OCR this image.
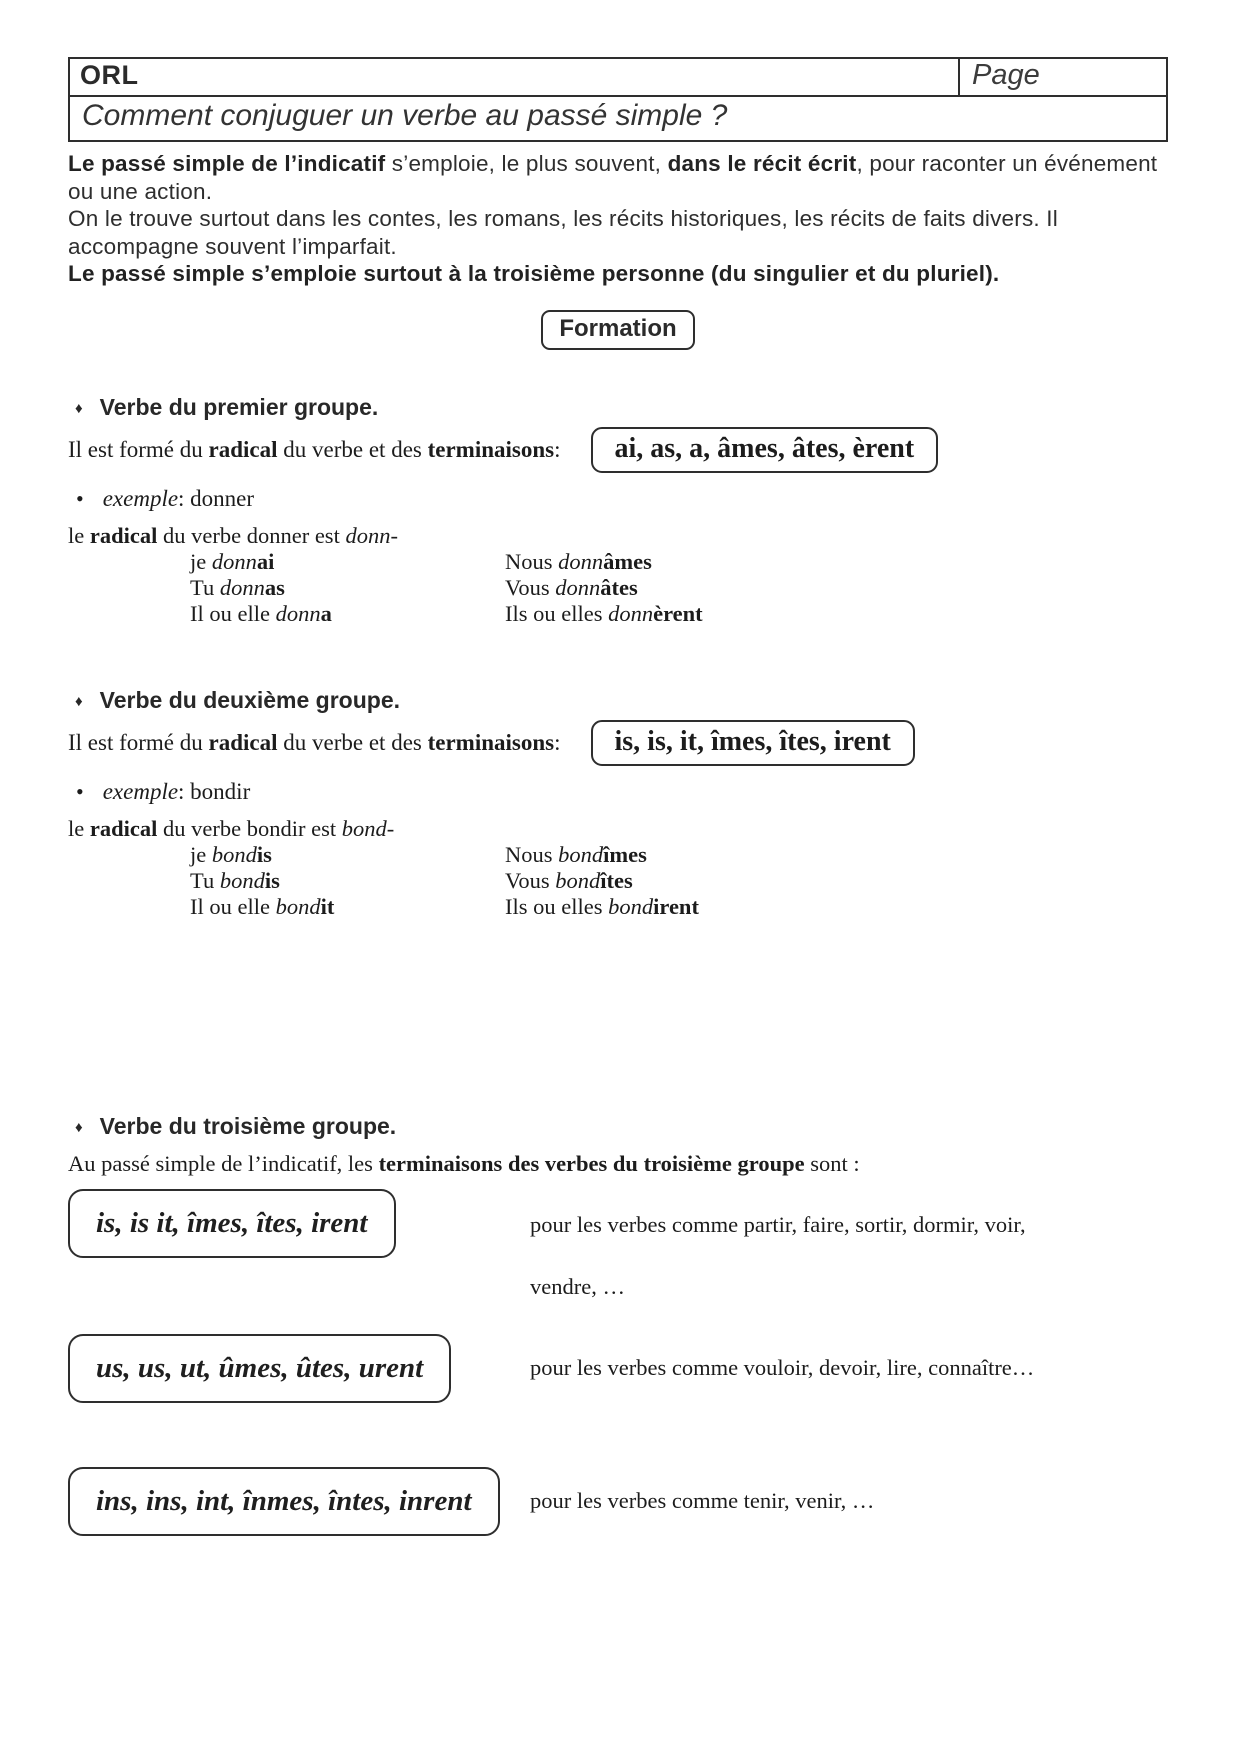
ORL	Page
Comment conjuguer un verbe au passé simple ?
Le passé simple de l’indicatif s’emploie, le plus souvent, dans le récit écrit, pour raconter un événement ou une action.
On le trouve surtout dans les contes, les romans, les récits historiques, les récits de faits divers. Il accompagne souvent l’imparfait.
Le passé simple s’emploie surtout à la troisième personne (du singulier et du pluriel).
Formation
♦ Verbe du premier groupe.
Il est formé du radical du verbe et des terminaisons:	ai, as, a, âmes, âtes, èrent
• exemple: donner
le radical du verbe donner est donn-
je donnai	Nous donnâmes
Tu donnas	Vous donnâtes
Il ou elle donna	Ils ou elles donnèrent
♦ Verbe du deuxième groupe.
Il est formé du radical du verbe et des terminaisons:	is, is, it, îmes, îtes, irent
• exemple: bondir
le radical du verbe bondir est bond-
je bondis	Nous bondîmes
Tu bondis	Vous bondîtes
Il ou elle bondit	Ils ou elles bondirent
♦ Verbe du troisième groupe.
Au passé simple de l’indicatif, les terminaisons des verbes du troisième groupe sont :
is, is it, îmes, îtes, irent	pour les verbes comme partir, faire, sortir, dormir, voir,
vendre, …
us, us, ut, ûmes, ûtes, urent	pour les verbes comme vouloir, devoir, lire, connaître…
ins, ins, int, înmes, întes, inrent	pour les verbes comme tenir, venir, …
